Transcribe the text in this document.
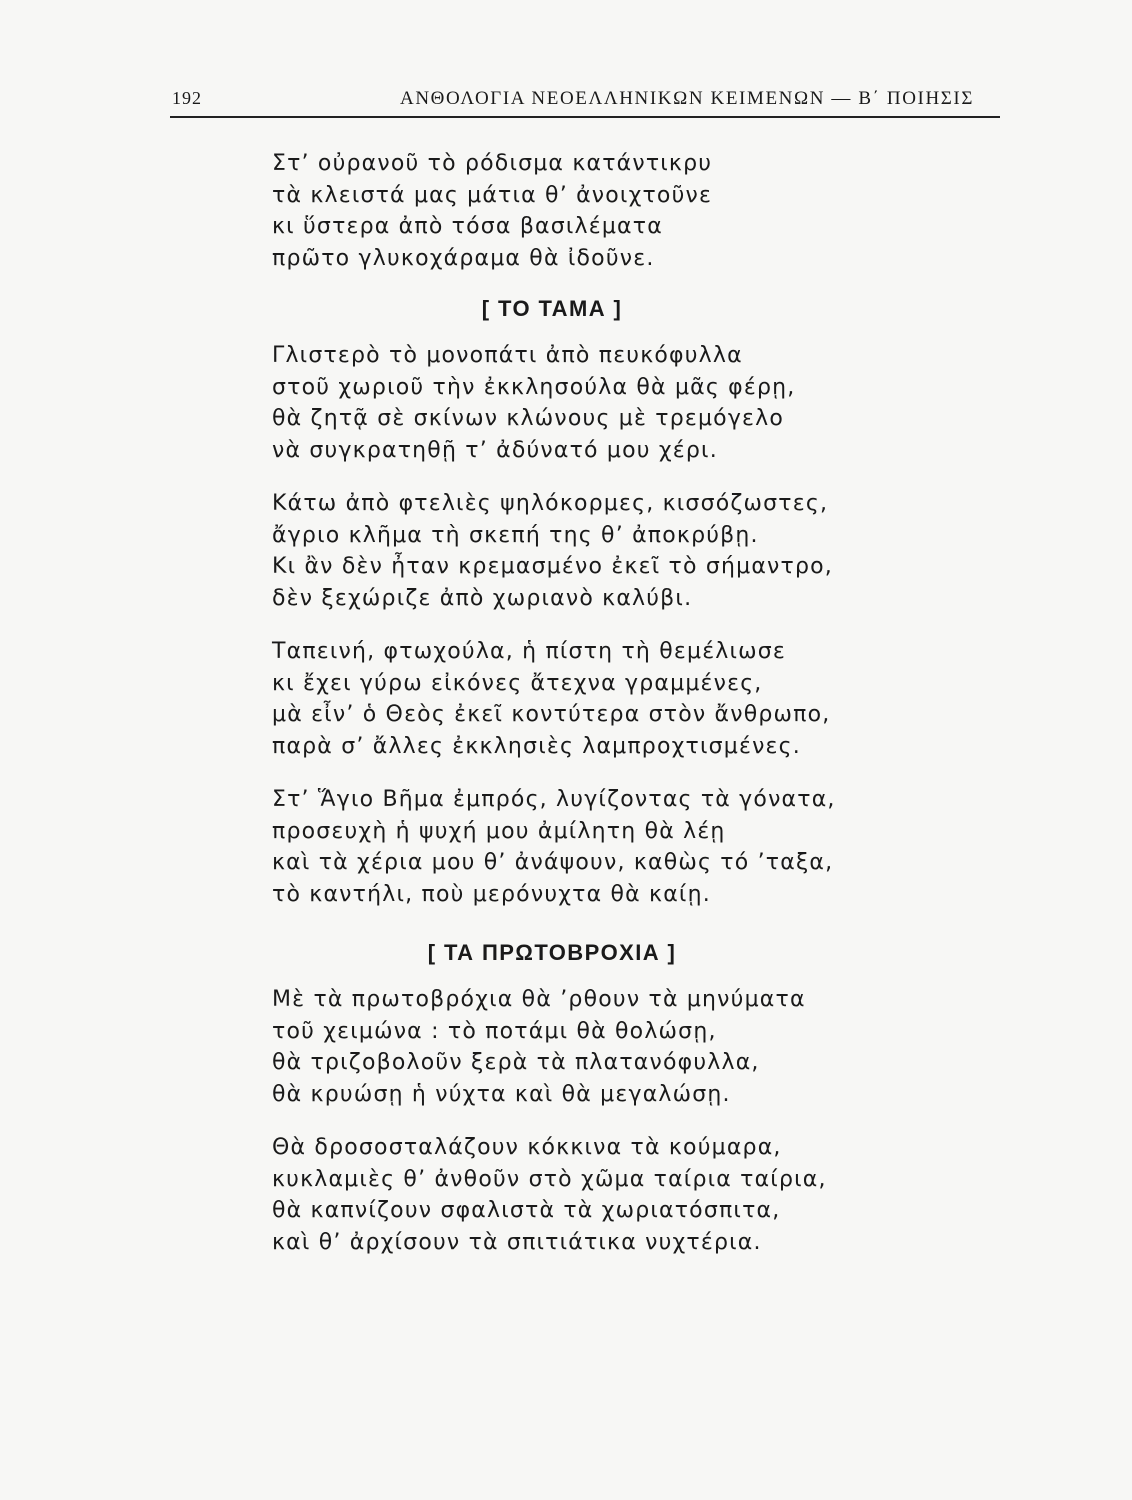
192	ΑΝΘΟΛΟΓΙΑ ΝΕΟΕΛΛΗΝΙΚΩΝ ΚΕΙΜΕΝΩΝ — Β΄ ΠΟΙΗΣΙΣ
Στ’ οὐρανοῦ τὸ ρόδισμα κατάντικρυ
τὰ κλειστά μας μάτια θ’ ἀνοιχτοῦνε
κι ὕστερα ἀπὸ τόσα βασιλέματα
πρῶτο γλυκοχάραμα θὰ ἰδοῦνε.
[ ΤΟ ΤΑΜΑ ]
Γλιστερὸ τὸ μονοπάτι ἀπὸ πευκόφυλλα
στοῦ χωριοῦ τὴν ἐκκλησούλα θὰ μᾶς φέρῃ,
θὰ ζητᾷ σὲ σκίνων κλώνους μὲ τρεμόγελο
νὰ συγκρατηθῇ τ’ ἀδύνατό μου χέρι.
Κάτω ἀπὸ φτελιὲς ψηλόκορμες, κισσόζωστες,
ἄγριο κλῆμα τὴ σκεπή της θ’ ἀποκρύβῃ.
Κι ἂν δὲν ἦταν κρεμασμένο ἐκεῖ τὸ σήμαντρο,
δὲν ξεχώριζε ἀπὸ χωριανὸ καλύβι.
Ταπεινή, φτωχούλα, ἡ πίστη τὴ θεμέλιωσε
κι ἔχει γύρω εἰκόνες ἄτεχνα γραμμένες,
μὰ εἶν’ ὁ Θεὸς ἐκεῖ κοντύτερα στὸν ἄνθρωπο,
παρὰ σ’ ἄλλες ἐκκλησιὲς λαμπροχτισμένες.
Στ’ Ἅγιο Βῆμα ἐμπρός, λυγίζοντας τὰ γόνατα,
προσευχὴ ἡ ψυχή μου ἀμίλητη θὰ λέῃ
καὶ τὰ χέρια μου θ’ ἀνάψουν, καθὼς τό ’ταξα,
τὸ καντήλι, ποὺ μερόνυχτα θὰ καίῃ.
[ ΤΑ ΠΡΩΤΟΒΡΟΧΙΑ ]
Μὲ τὰ πρωτοβρόχια θὰ ’ρθουν τὰ μηνύματα
τοῦ χειμώνα : τὸ ποτάμι θὰ θολώσῃ,
θὰ τριζοβολοῦν ξερὰ τὰ πλατανόφυλλα,
θὰ κρυώσῃ ἡ νύχτα καὶ θὰ μεγαλώσῃ.
Θὰ δροσοσταλάζουν κόκκινα τὰ κούμαρα,
κυκλαμιὲς θ’ ἀνθοῦν στὸ χῶμα ταίρια ταίρια,
θὰ καπνίζουν σφαλιστὰ τὰ χωριατόσπιτα,
καὶ θ’ ἀρχίσουν τὰ σπιτιάτικα νυχτέρια.
